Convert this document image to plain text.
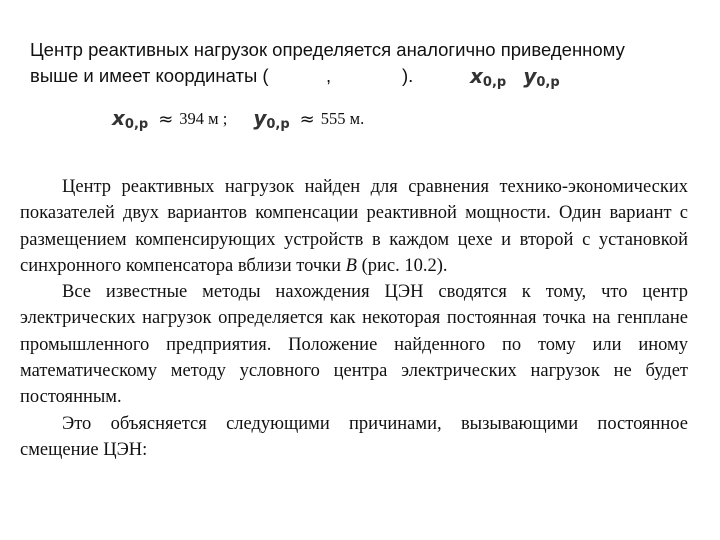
Центр реактивных нагрузок определяется аналогично приведенному
выше и имеет координаты (	,	).	$x_{0,р}$ $y_{0,р}$
$x_{0,р} \approx 394$ м ; $y_{0,р} \approx 555$ м.

Центр реактивных нагрузок найден для сравнения технико-экономических показателей двух вариантов компенсации реактивной мощности. Один вариант с размещением компенсирующих устройств в каждом цехе и второй с установкой синхронного компенсатора вблизи точки В (рис. 10.2).

Все известные методы нахождения ЦЭН сводятся к тому, что центр электрических нагрузок определяется как некоторая постоянная точка на генплане промышленного предприятия. Положение найденного по тому или иному математическому методу условного центра электрических нагрузок не будет постоянным.

Это объясняется следующими причинами, вызывающими постоянное смещение ЦЭН:
